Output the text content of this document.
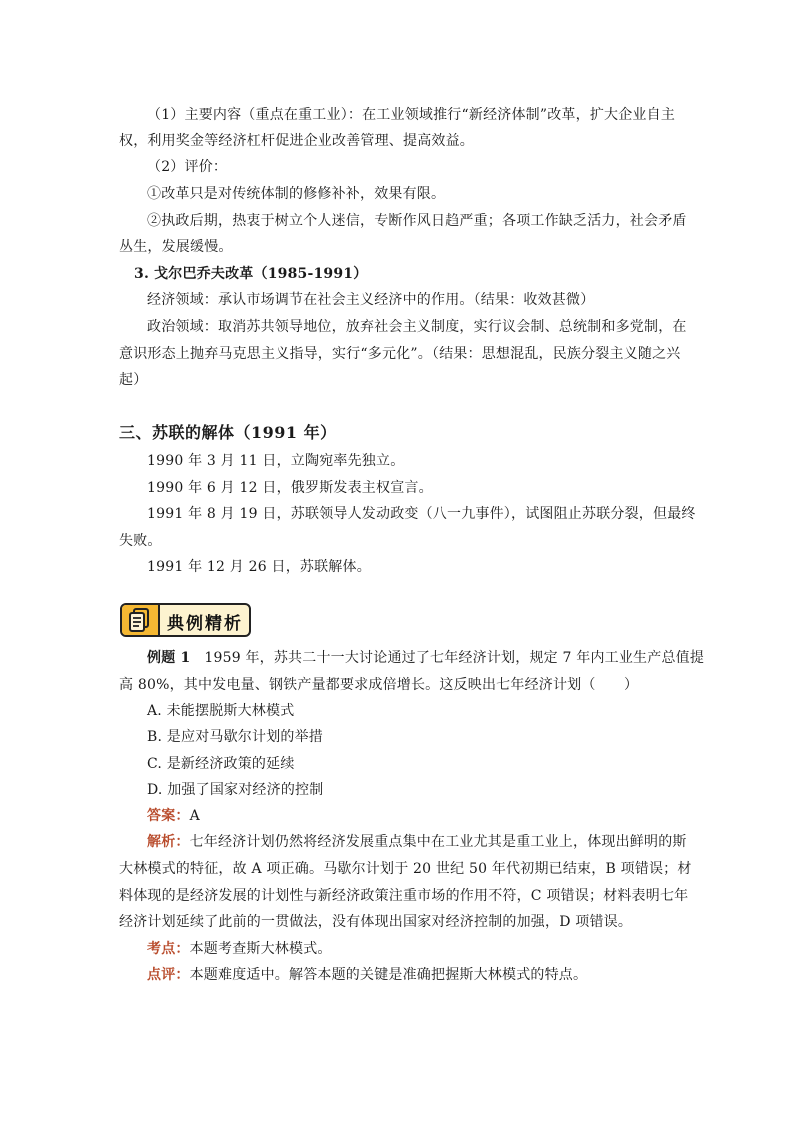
（1）主要内容（重点在重工业）：在工业领域推行“新经济体制”改革，扩大企业自主
权，利用奖金等经济杠杆促进企业改善管理、提高效益。
（2）评价：
①改革只是对传统体制的修修补补，效果有限。
②执政后期，热衷于树立个人迷信，专断作风日趋严重；各项工作缺乏活力，社会矛盾
丛生，发展缓慢。
3. 戈尔巴乔夫改革（1985-1991）
经济领域：承认市场调节在社会主义经济中的作用。（结果：收效甚微）
政治领域：取消苏共领导地位，放弃社会主义制度，实行议会制、总统制和多党制，在
意识形态上抛弃马克思主义指导，实行“多元化”。（结果：思想混乱，民族分裂主义随之兴
起）
三、苏联的解体（1991 年）
1990 年 3 月 11 日，立陶宛率先独立。
1990 年 6 月 12 日，俄罗斯发表主权宣言。
1991 年 8 月 19 日，苏联领导人发动政变（八一九事件），试图阻止苏联分裂，但最终
失败。
1991 年 12 月 26 日，苏联解体。
例题 1 1959 年，苏共二十一大讨论通过了七年经济计划，规定 7 年内工业生产总值提
高 80%，其中发电量、钢铁产量都要求成倍增长。这反映出七年经济计划（　　）
A. 未能摆脱斯大林模式
B. 是应对马歇尔计划的举措
C. 是新经济政策的延续
D. 加强了国家对经济的控制
答案：A
解析：七年经济计划仍然将经济发展重点集中在工业尤其是重工业上，体现出鲜明的斯
大林模式的特征，故 A 项正确。马歇尔计划于 20 世纪 50 年代初期已结束，B 项错误；材
料体现的是经济发展的计划性与新经济政策注重市场的作用不符，C 项错误；材料表明七年
经济计划延续了此前的一贯做法，没有体现出国家对经济控制的加强，D 项错误。
考点：本题考查斯大林模式。
点评：本题难度适中。解答本题的关键是准确把握斯大林模式的特点。
典例精析
